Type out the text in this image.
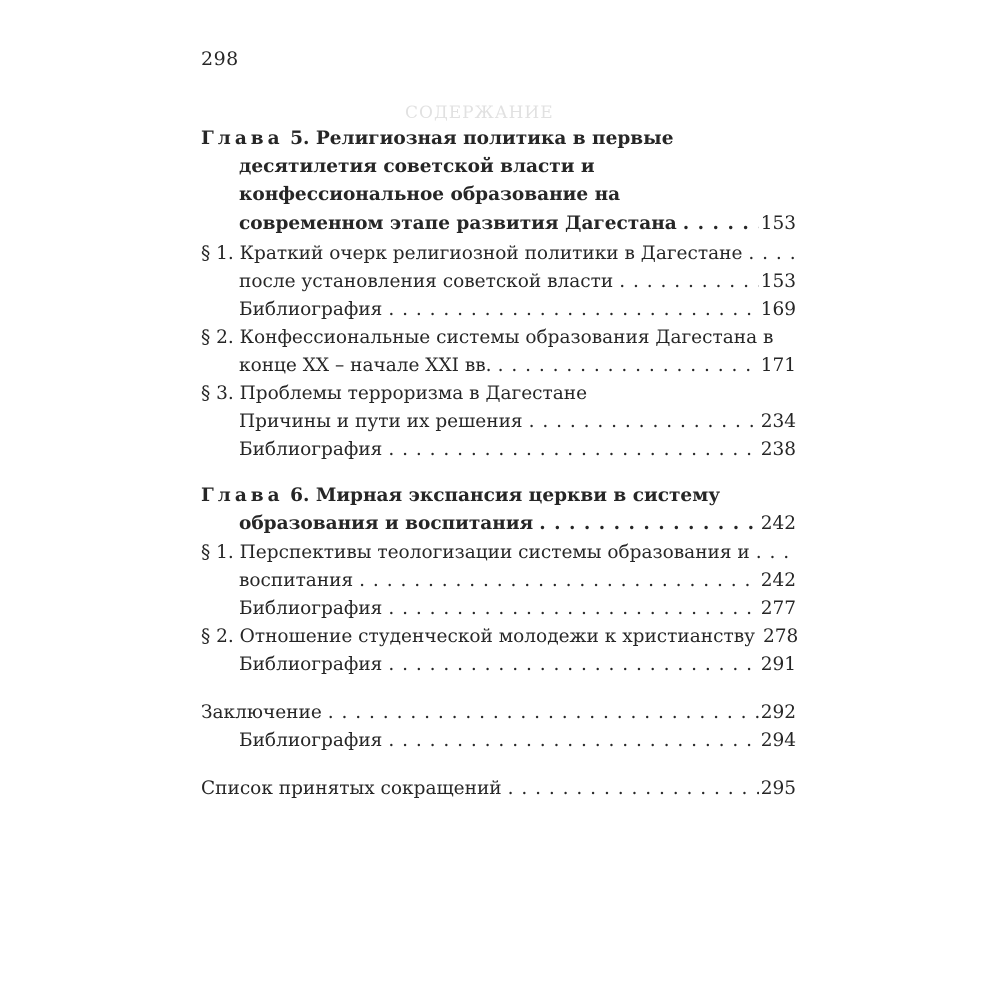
298
СОДЕРЖАНИЕ
Глава 5. Религиозная политика в первые
десятилетия советской власти и
конфессиональное образование на
современном этапе развития Дагестана . . .	153
§ 1. Краткий очерк религиозной политики в Дагестане
. . .
после установления советской власти . . .	153
Библиография . . .	169
§ 2. Конфессиональные системы образования Дагестана в
конце XX – начале XXI вв. . . .	171
§ 3. Проблемы терроризма в Дагестане
Причины и пути их решения . . .	234
Библиография . . .	238
Глава 6. Мирная экспансия церкви в систему
образования и воспитания . . .	242
§ 1. Перспективы теологизации системы образования и
. . .
воспитания . . .	242
Библиография . . .	277
§ 2. Отношение студенческой молодежи к христианству 278
Библиография . . .	291
Заключение . . .	292
Библиография . . .	294
Список принятых сокращений . . .	295
